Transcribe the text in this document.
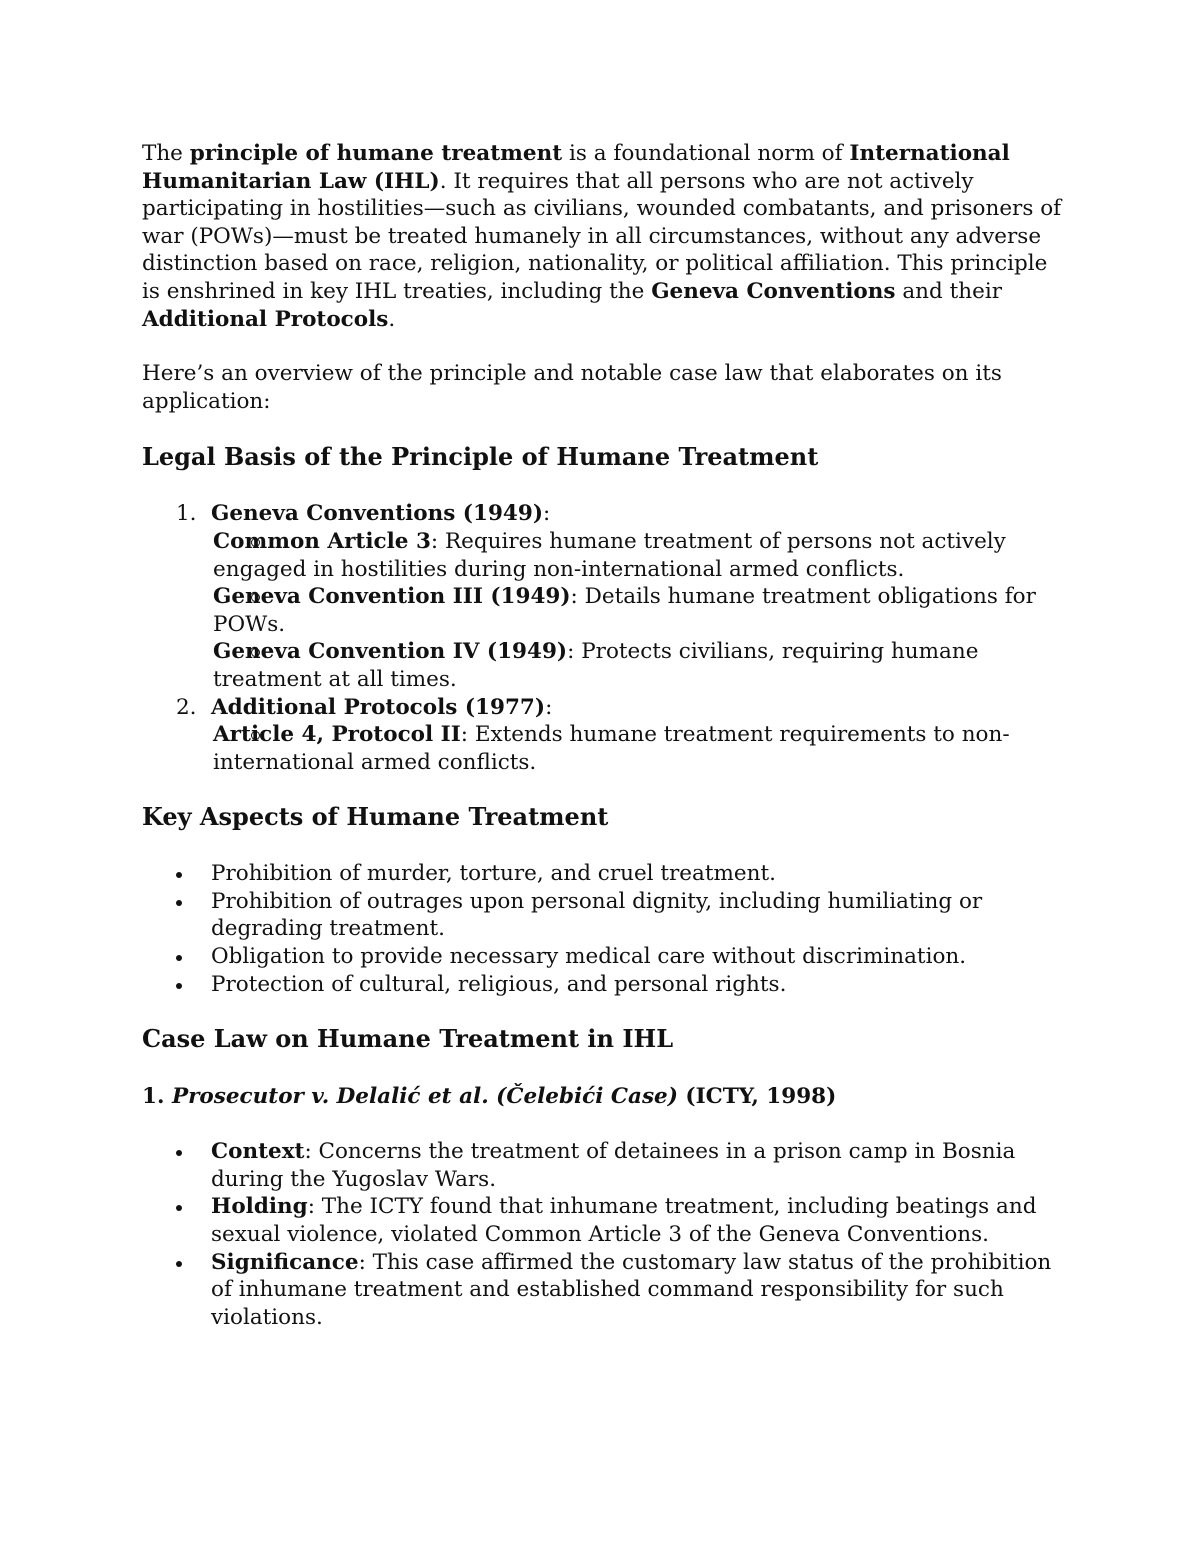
The principle of humane treatment is a foundational norm of International Humanitarian Law (IHL). It requires that all persons who are not actively participating in hostilities—such as civilians, wounded combatants, and prisoners of war (POWs)—must be treated humanely in all circumstances, without any adverse distinction based on race, religion, nationality, or political affiliation. This principle is enshrined in key IHL treaties, including the Geneva Conventions and their Additional Protocols.

Here’s an overview of the principle and notable case law that elaborates on its application:

Legal Basis of the Principle of Humane Treatment
1. Geneva Conventions (1949):
Common Article 3: Requires humane treatment of persons not actively engaged in hostilities during non-international armed conflicts.
Geneva Convention III (1949): Details humane treatment obligations for POWs.
Geneva Convention IV (1949): Protects civilians, requiring humane treatment at all times.
2. Additional Protocols (1977):
Article 4, Protocol II: Extends humane treatment requirements to non-international armed conflicts.
Key Aspects of Humane Treatment
Prohibition of murder, torture, and cruel treatment.
Prohibition of outrages upon personal dignity, including humiliating or degrading treatment.
Obligation to provide necessary medical care without discrimination.
Protection of cultural, religious, and personal rights.
Case Law on Humane Treatment in IHL
1. Prosecutor v. Delalić et al. (Čelebići Case) (ICTY, 1998)
Context: Concerns the treatment of detainees in a prison camp in Bosnia during the Yugoslav Wars.
Holding: The ICTY found that inhumane treatment, including beatings and sexual violence, violated Common Article 3 of the Geneva Conventions.
Significance: This case affirmed the customary law status of the prohibition of inhumane treatment and established command responsibility for such violations.
